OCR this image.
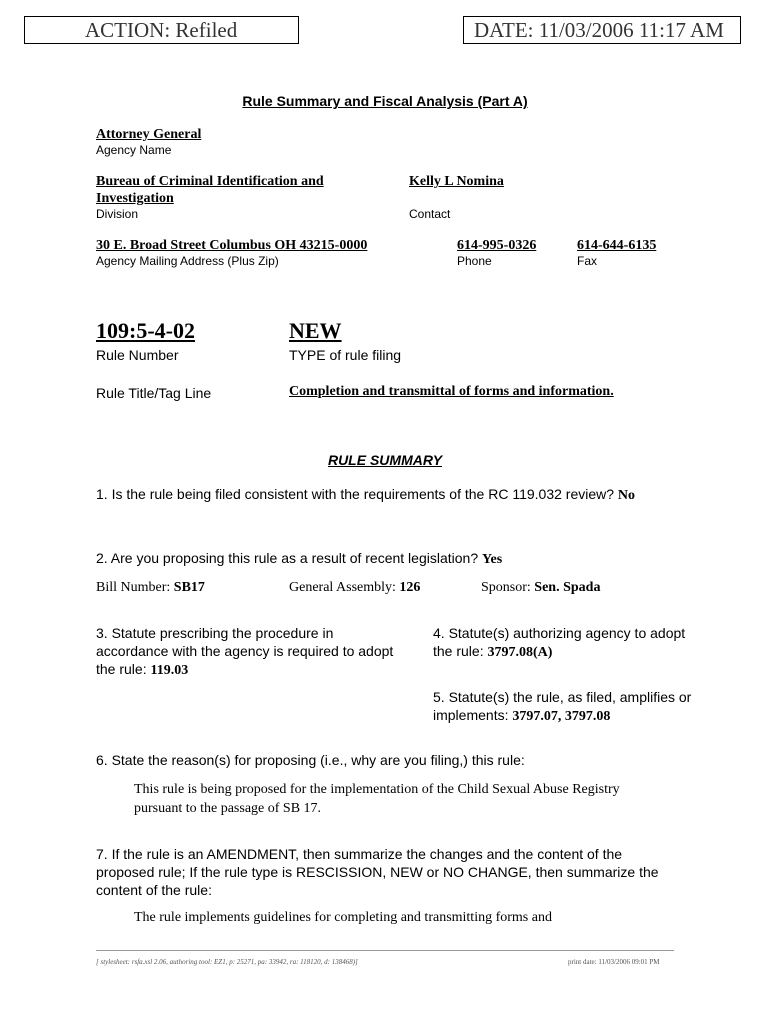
ACTION: Refiled	DATE: 11/03/2006 11:17 AM
Rule Summary and Fiscal Analysis (Part A)
Attorney General
Agency Name
Bureau of Criminal Identification and Investigation
Division
Kelly L Nomina
Contact
30 E. Broad Street Columbus OH 43215-0000
Agency Mailing Address (Plus Zip)
614-995-0326
Phone
614-644-6135
Fax
109:5-4-02
Rule Number
NEW
TYPE of rule filing
Rule Title/Tag Line	Completion and transmittal of forms and information.
RULE SUMMARY
1. Is the rule being filed consistent with the requirements of the RC 119.032 review? No
2. Are you proposing this rule as a result of recent legislation? Yes
Bill Number: SB17	General Assembly: 126	Sponsor: Sen. Spada
3. Statute prescribing the procedure in accordance with the agency is required to adopt the rule: 119.03
4. Statute(s) authorizing agency to adopt the rule: 3797.08(A)
5. Statute(s) the rule, as filed, amplifies or implements: 3797.07, 3797.08
6. State the reason(s) for proposing (i.e., why are you filing,) this rule:
This rule is being proposed for the implementation of the Child Sexual Abuse Registry pursuant to the passage of SB 17.
7. If the rule is an AMENDMENT, then summarize the changes and the content of the proposed rule; If the rule type is RESCISSION, NEW or NO CHANGE, then summarize the content of the rule:
The rule implements guidelines for completing and transmitting forms and
[ stylesheet: rsfa.xsl 2.06, authoring tool: EZ1, p: 25271, pa: 33942, ra: 118120, d: 138468)]	print date: 11/03/2006 09:01 PM
